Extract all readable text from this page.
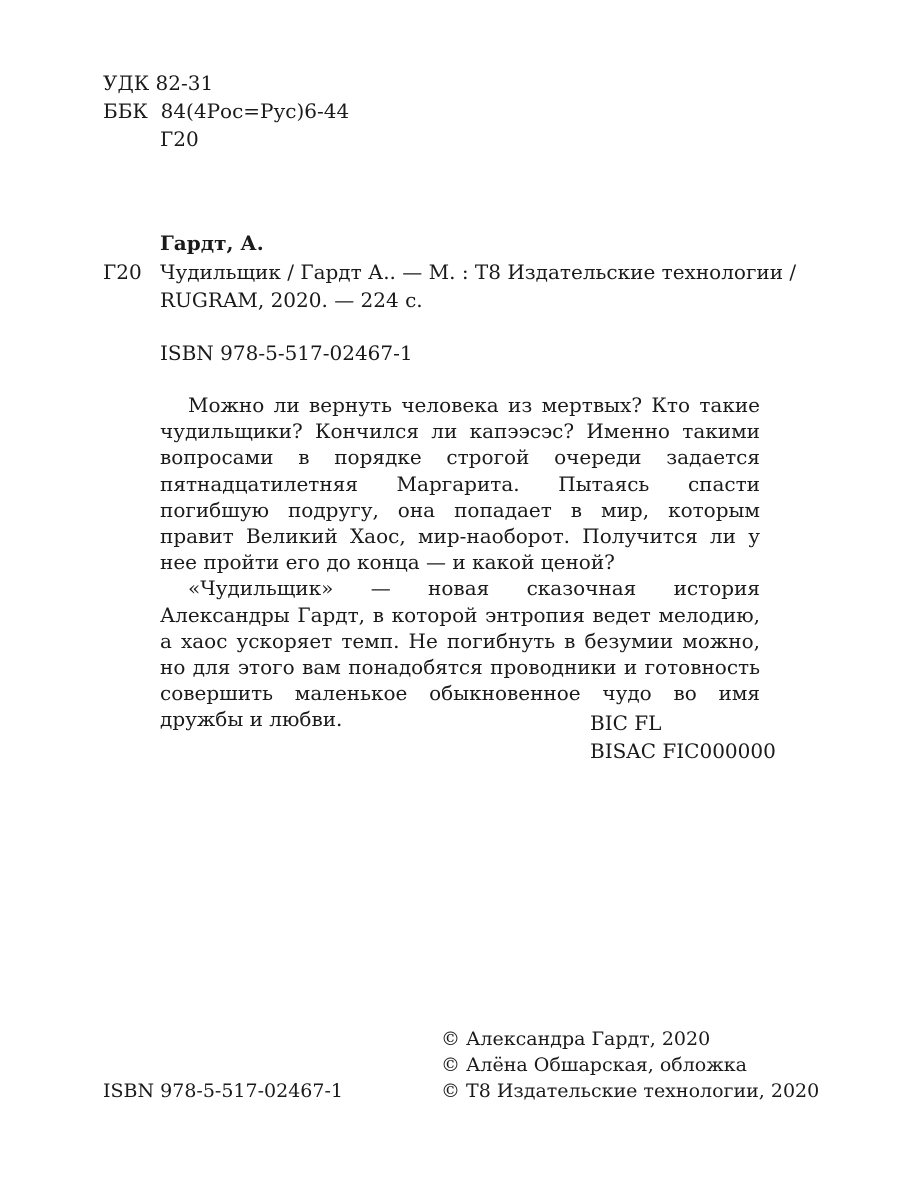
УДК 82-31
ББК  84(4Рос=Рус)6-44
Г20
Гардт, А.
Г20 Чудильщик / Гардт А.. — М. : Т8 Издательские технологии /
RUGRAM, 2020. — 224 с.
ISBN 978-5-517-02467-1

Можно ли вернуть человека из мертвых? Кто такие чудильщики? Кончился ли капээсэс? Именно такими вопросами в порядке строгой очереди задается пятнадцатилетняя Маргарита. Пытаясь спасти погибшую подругу, она попадает в мир, которым правит Великий Хаос, мир-наоборот. Получится ли у нее пройти его до конца — и какой ценой?

«Чудильщик» — новая сказочная история Александры Гардт, в которой энтропия ведет мелодию, а хаос ускоряет темп. Не погибнуть в безумии можно, но для этого вам понадобятся проводники и готовность совершить маленькое обыкновенное чудо во имя дружбы и любви.	BIC FL
BISAC FIC000000
ISBN 978-5-517-02467-1
© Александра Гардт, 2020
© Алёна Обшарская, обложка
© Т8 Издательские технологии, 2020
